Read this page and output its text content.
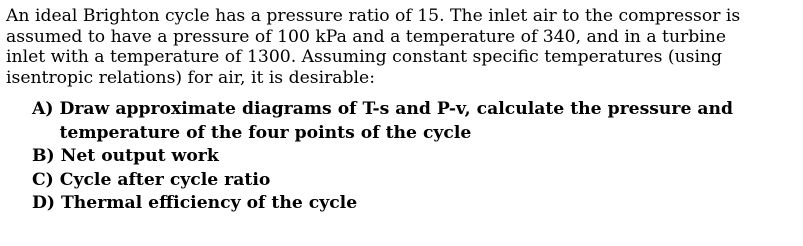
An ideal Brighton cycle has a pressure ratio of 15. The inlet air to the compressor is
assumed to have a pressure of 100 kPa and a temperature of 340, and in a turbine
inlet with a temperature of 1300. Assuming constant specific temperatures (using
isentropic relations) for air, it is desirable:

A) Draw approximate diagrams of T-s and P-v, calculate the pressure and
temperature of the four points of the cycle
B) Net output work
C) Cycle after cycle ratio
D) Thermal efficiency of the cycle
